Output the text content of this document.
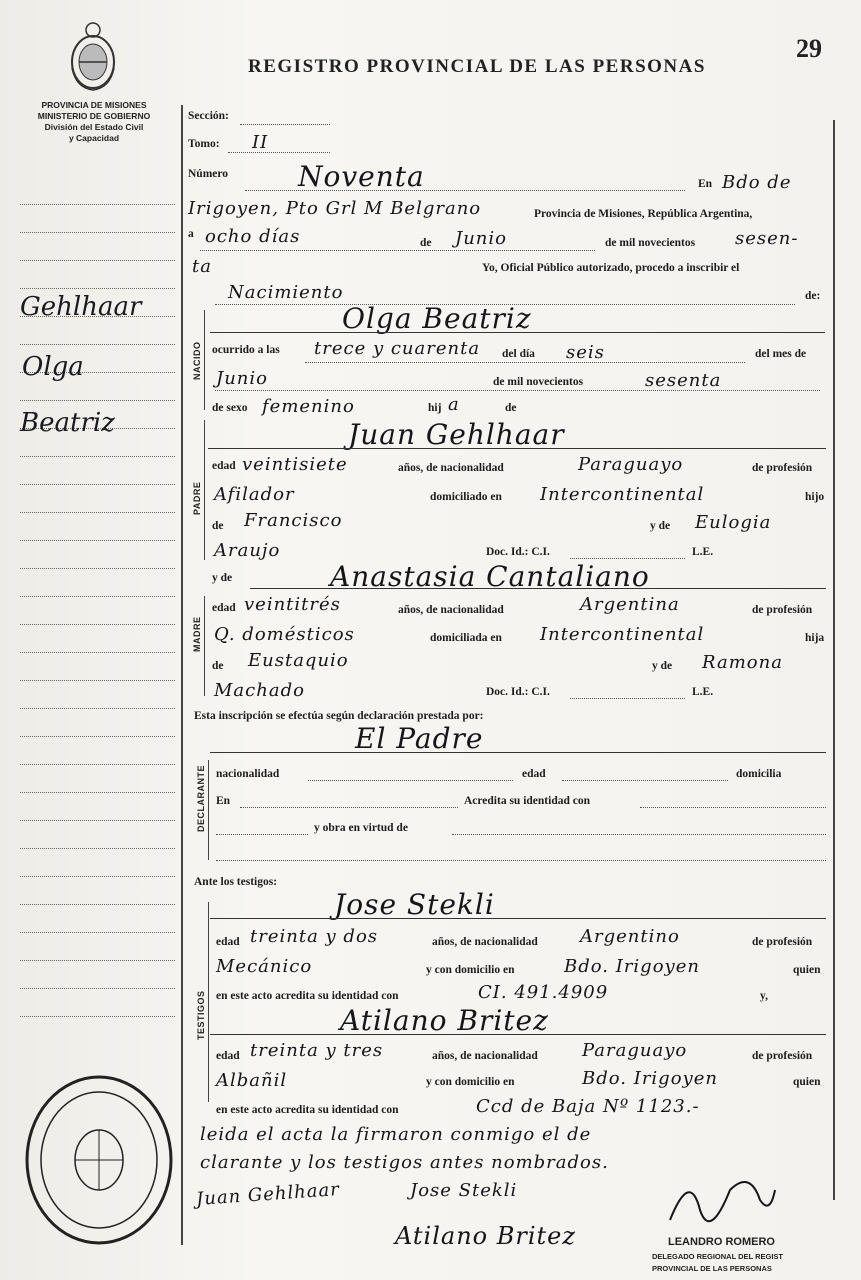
PROVINCIA DE MISIONES
MINISTERIO DE GOBIERNO
División del Estado Civil
y Capacidad
REGISTRO PROVINCIAL DE LAS PERSONAS
29
Gehlhaar
Olga
Beatriz
Sección:
Tomo: II
Número Noventa	En Bdo de
Irigoyen, Pto Grl M Belgrano	Provincia de Misiones, República Argentina,
a ocho días	de Junio	de mil novecientos sesen-
ta	Yo, Oficial Público autorizado, procedo a inscribir el
Nacimiento	de:
NACIDO
Olga Beatriz
ocurrido a las trece y cuarenta del día seis	del mes de
Junio	de mil novecientos	sesenta
de sexo femenino	hij a	de
PADRE
Juan Gehlhaar
edad veintisiete	años, de nacionalidad	Paraguayo	de profesión
Afilador	domiciliado en Intercontinental	hijo
de Francisco	y de Eulogia
Araujo	Doc. Id.: C.I.	L.E.
y de	Anastasia Cantaliano
MADRE
edad veintitrés	años, de nacionalidad	Argentina	de profesión
Q. domésticos	domiciliada en Intercontinental	hija
de Eustaquio	y de Ramona
Machado	Doc. Id.: C.I.	L.E.
Esta inscripción se efectúa según declaración prestada por:
El Padre
DECLARANTE nacionalidad	edad	domicilia
En	Acredita su identidad con
y obra en virtud de
Ante los testigos:
Jose Stekli
TESTIGOS
edad treinta y dos	años, de nacionalidad Argentino	de profesión
Mecánico	y con domicilio en	Bdo. Irigoyen	quien
en este acto acredita su identidad con	CI. 491.4909	y,
Atilano Britez
edad treinta y tres	años, de nacionalidad Paraguayo	de profesión
Albañil	y con domicilio en	Bdo. Irigoyen	quien
en este acto acredita su identidad con	Ccd de Baja Nº 1123.-
leida el acta la firmaron conmigo el de
clarante y los testigos antes nombrados.
Juan Gehlhaar	Jose Stekli
Atilano Britez	LEANDRO ROMERO
DELEGADO REGIONAL DEL REGIST
PROVINCIAL DE LAS PERSONAS
